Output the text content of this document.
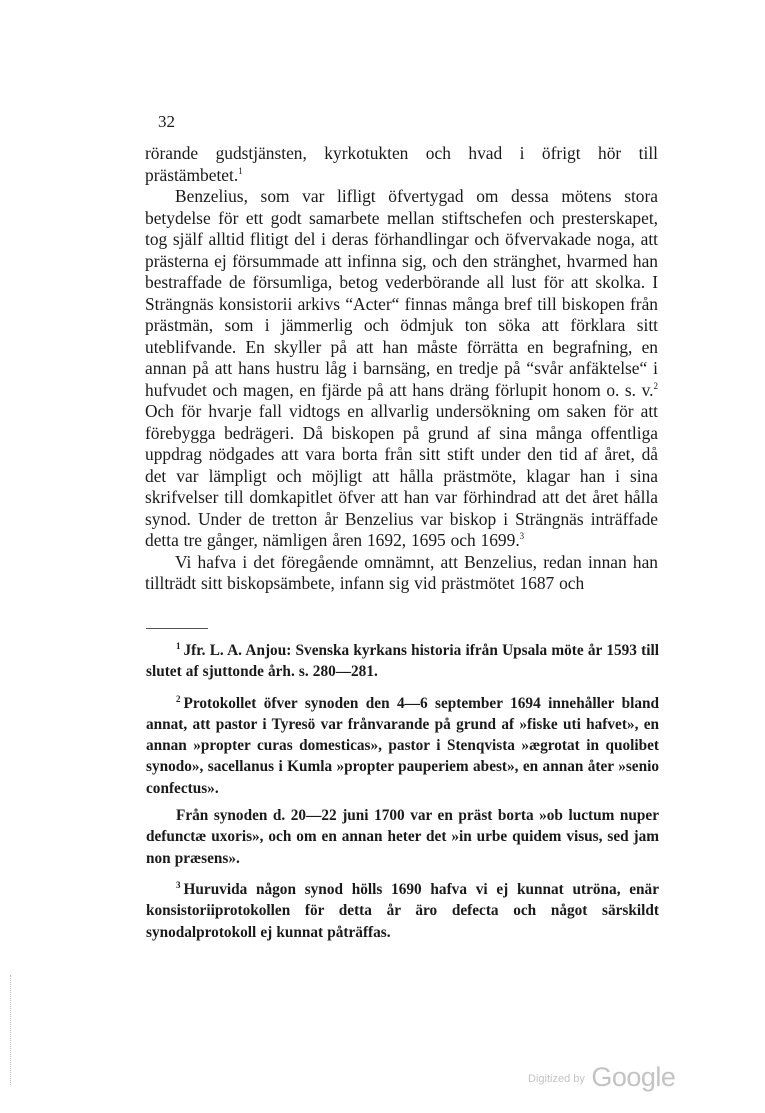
32

rörande gudstjänsten, kyrkotukten och hvad i öfrigt hör till prästämbetet.$^1$

Benzelius, som var lifligt öfvertygad om dessa mötens stora betydelse för ett godt samarbete mellan stiftschefen och presterskapet, tog själf alltid flitigt del i deras förhandlingar och öfvervakade noga, att prästerna ej försummade att infinna sig, och den stränghet, hvarmed han bestraffade de försumliga, betog vederbörande all lust för att skolka. I Strängnäs konsistorii arkivs “Acter“ finnas många bref till biskopen från prästmän, som i jämmerlig och ödmjuk ton söka att förklara sitt uteblifvande. En skyller på att han måste förrätta en begrafning, en annan på att hans hustru låg i barnsäng, en tredje på “svår anfäktelse“ i hufvudet och magen, en fjärde på att hans dräng förlupit honom o. s. v.$^2$ Och för hvarje fall vidtogs en allvarlig undersökning om saken för att förebygga bedrägeri. Då biskopen på grund af sina många offentliga uppdrag nödgades att vara borta från sitt stift under den tid af året, då det var lämpligt och möjligt att hålla prästmöte, klagar han i sina skrifvelser till domkapitlet öfver att han var förhindrad att det året hålla synod. Under de tretton år Benzelius var biskop i Strängnäs inträffade detta tre gånger, nämligen åren 1692, 1695 och 1699.$^3$

Vi hafva i det föregående omnämnt, att Benzelius, redan innan han tillträdt sitt biskopsämbete, infann sig vid prästmötet 1687 och

$^1$ Jfr. L. A. Anjou: Svenska kyrkans historia ifrån Upsala möte år 1593 till slutet af sjuttonde årh. s. 280—281.

$^2$ Protokollet öfver synoden den 4—6 september 1694 innehåller bland annat, att pastor i Tyresö var frånvarande på grund af »fiske uti hafvet», en annan »propter curas domesticas», pastor i Stenqvista »ægrotat in quolibet synodo», sacellanus i Kumla »propter pauperiem abest», en annan åter »senio confectus».

Från synoden d. 20—22 juni 1700 var en präst borta »ob luctum nuper defunctæ uxoris», och om en annan heter det »in urbe quidem visus, sed jam non præsens».

$^3$ Huruvida någon synod hölls 1690 hafva vi ej kunnat utröna, enär konsistoriiprotokollen för detta år äro defecta och något särskildt synodalprotokoll ej kunnat påträffas.

$^{Digitized by}$ Google
